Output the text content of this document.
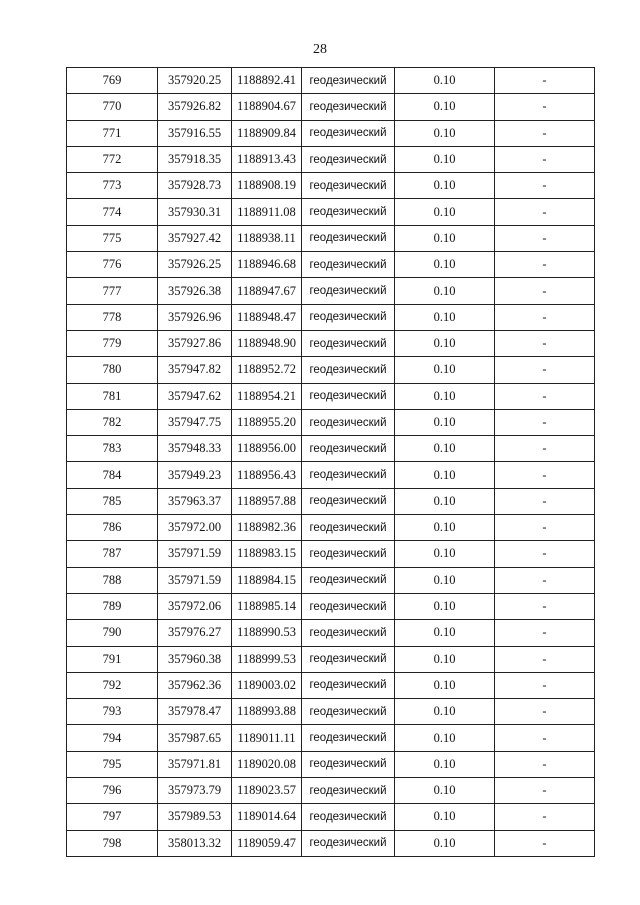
28
769	357920.25	1188892.41	геодезический	0.10	-
770	357926.82	1188904.67	геодезический	0.10	-
771	357916.55	1188909.84	геодезический	0.10	-
772	357918.35	1188913.43	геодезический	0.10	-
773	357928.73	1188908.19	геодезический	0.10	-
774	357930.31	1188911.08	геодезический	0.10	-
775	357927.42	1188938.11	геодезический	0.10	-
776	357926.25	1188946.68	геодезический	0.10	-
777	357926.38	1188947.67	геодезический	0.10	-
778	357926.96	1188948.47	геодезический	0.10	-
779	357927.86	1188948.90	геодезический	0.10	-
780	357947.82	1188952.72	геодезический	0.10	-
781	357947.62	1188954.21	геодезический	0.10	-
782	357947.75	1188955.20	геодезический	0.10	-
783	357948.33	1188956.00	геодезический	0.10	-
784	357949.23	1188956.43	геодезический	0.10	-
785	357963.37	1188957.88	геодезический	0.10	-
786	357972.00	1188982.36	геодезический	0.10	-
787	357971.59	1188983.15	геодезический	0.10	-
788	357971.59	1188984.15	геодезический	0.10	-
789	357972.06	1188985.14	геодезический	0.10	-
790	357976.27	1188990.53	геодезический	0.10	-
791	357960.38	1188999.53	геодезический	0.10	-
792	357962.36	1189003.02	геодезический	0.10	-
793	357978.47	1188993.88	геодезический	0.10	-
794	357987.65	1189011.11	геодезический	0.10	-
795	357971.81	1189020.08	геодезический	0.10	-
796	357973.79	1189023.57	геодезический	0.10	-
797	357989.53	1189014.64	геодезический	0.10	-
798	358013.32	1189059.47	геодезический	0.10	-
